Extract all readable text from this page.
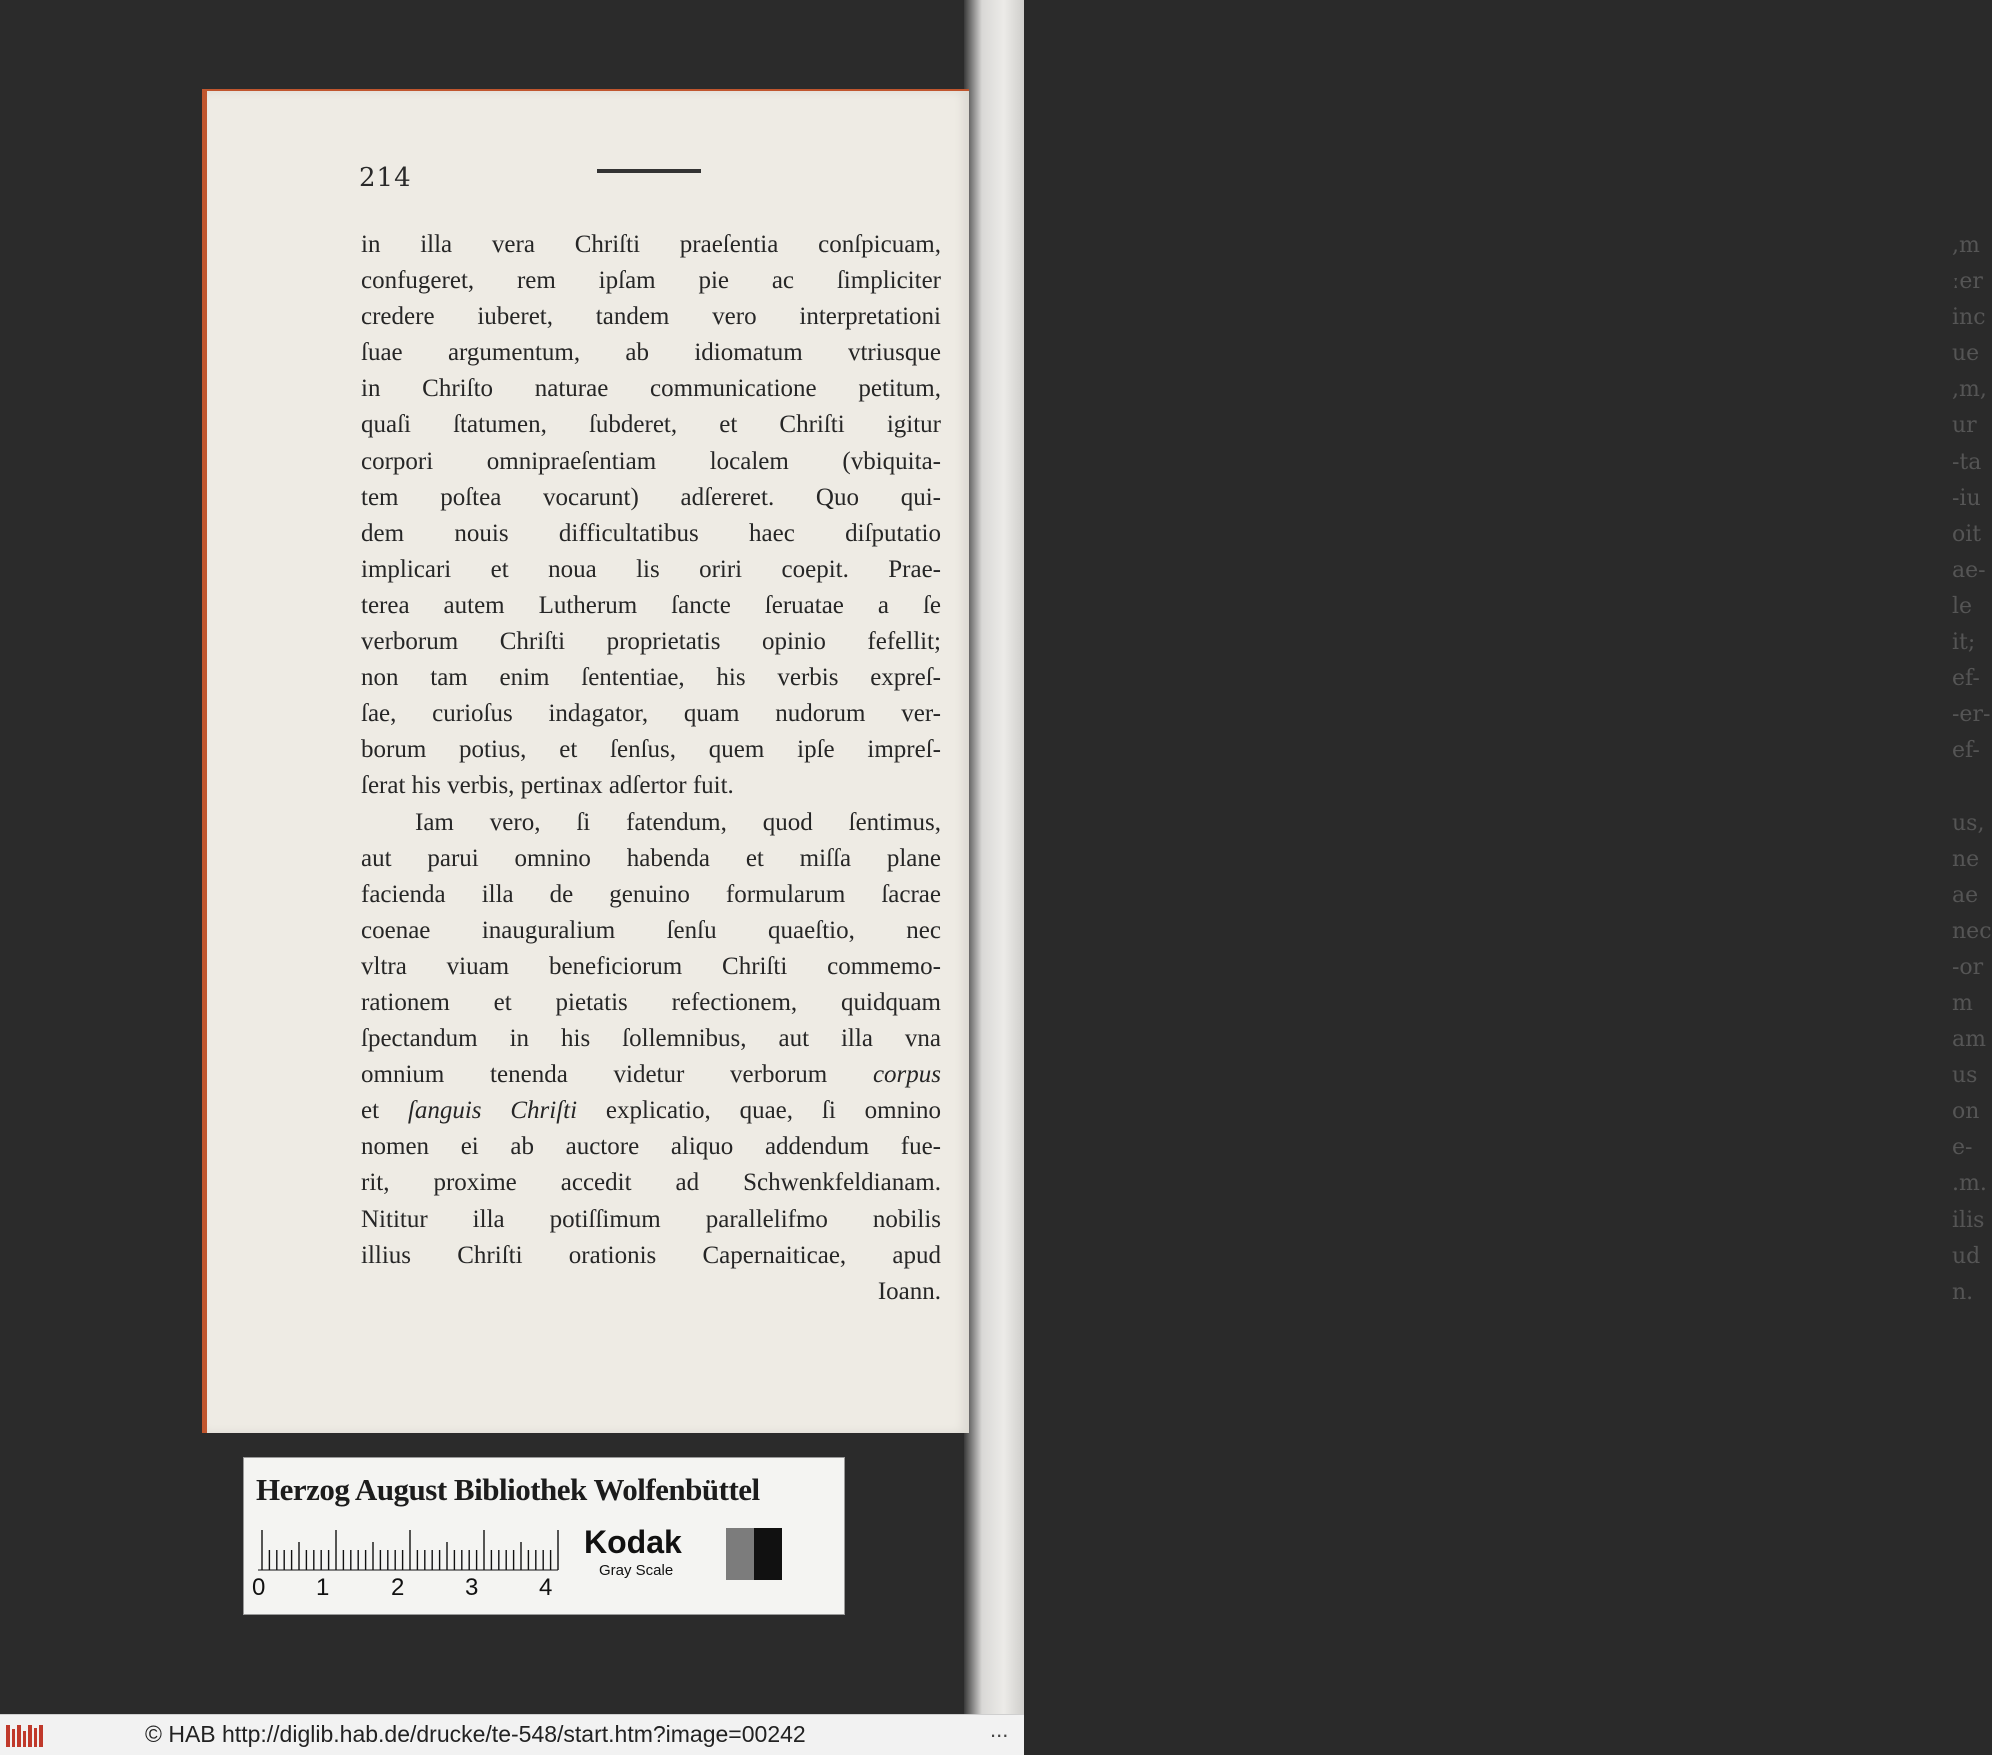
,m
ːer
inc
ue
,m,
ur
-ta
-iu
oit
ae-
le
it;
ef-
-er-
ef-

us,
ne
ae
nec
-or
m
am
us
on
e-
.m.
ilis
ud
n.
214
in illa vera Chriſti praeſentia conſpicuam,
confugeret, rem ipſam pie ac ſimpliciter
credere iuberet, tandem vero interpretationi
ſuae argumentum, ab idiomatum vtriusque
in Chriſto naturae communicatione petitum,
quaſi ſtatumen, ſubderet, et Chriſti igitur
corpori omnipraeſentiam localem (vbiquita-
tem poſtea vocarunt) adſereret. Quo qui-
dem nouis difficultatibus haec diſputatio
implicari et noua lis oriri coepit. Prae-
terea autem Lutherum ſancte ſeruatae a ſe
verborum Chriſti proprietatis opinio fefellit;
non tam enim ſententiae, his verbis expreſ-
ſae, curioſus indagator, quam nudorum ver-
borum potius, et ſenſus, quem ipſe impreſ-
ſerat his verbis, pertinax adſertor fuit.
Iam vero, ſi fatendum, quod ſentimus,
aut parui omnino habenda et miſſa plane
facienda illa de genuino formularum ſacrae
coenae inauguralium ſenſu quaeſtio, nec
vltra viuam beneficiorum Chriſti commemo-
rationem et pietatis refectionem, quidquam
ſpectandum in his ſollemnibus, aut illa vna
omnium tenenda videtur verborum corpus
et ſanguis Chriſti explicatio, quae, ſi omnino
nomen ei ab auctore aliquo addendum fue-
rit, proxime accedit ad Schwenkfeldianam.
Nititur illa potiſſimum parallelifmo nobilis
illius Chriſti orationis Capernaiticae, apud
Ioann.
Herzog August Bibliothek Wolfenbüttel
0 1	2	3	4
Kodak
Gray Scale
© HAB http://diglib.hab.de/drucke/te-548/start.htm?image=00242	...
